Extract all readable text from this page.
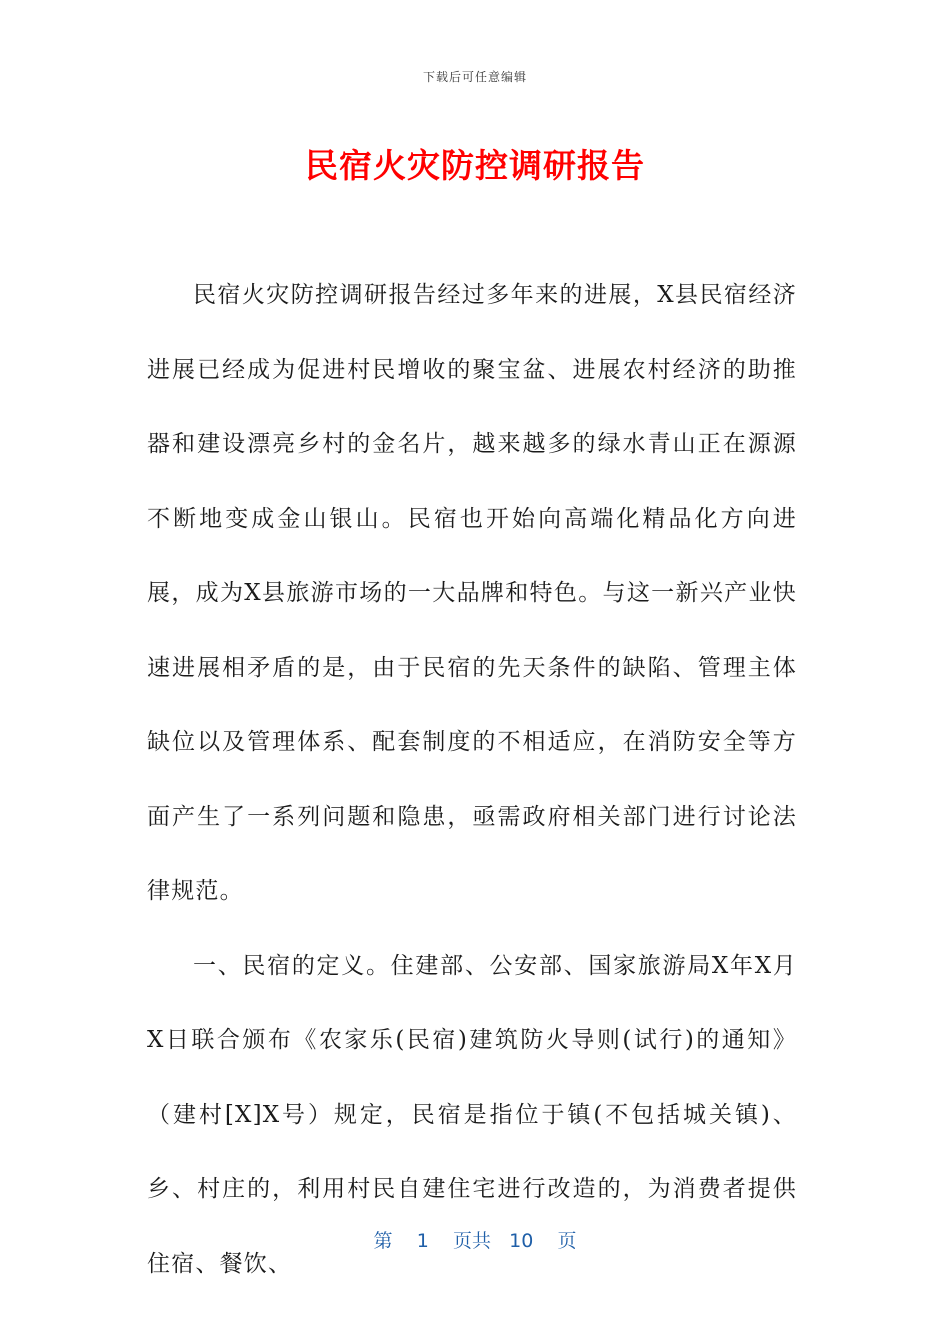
下载后可任意编辑
民宿火灾防控调研报告

民宿火灾防控调研报告经过多年来的进展，X县民宿经济进展已经成为促进村民增收的聚宝盆、进展农村经济的助推器和建设漂亮乡村的金名片，越来越多的绿水青山正在源源不断地变成金山银山。民宿也开始向高端化精品化方向进展，成为X县旅游市场的一大品牌和特色。与这一新兴产业快速进展相矛盾的是，由于民宿的先天条件的缺陷、管理主体缺位以及管理体系、配套制度的不相适应，在消防安全等方面产生了一系列问题和隐患，亟需政府相关部门进行讨论法律规范。

一、民宿的定义。住建部、公安部、国家旅游局X年X月X日联合颁布《农家乐(民宿)建筑防火导则(试行)的通知》（建村[X]X号）规定，民宿是指位于镇(不包括城关镇)、乡、村庄的，利用村民自建住宅进行改造的，为消费者提供住宿、餐饮、

第 1 页共 10 页
